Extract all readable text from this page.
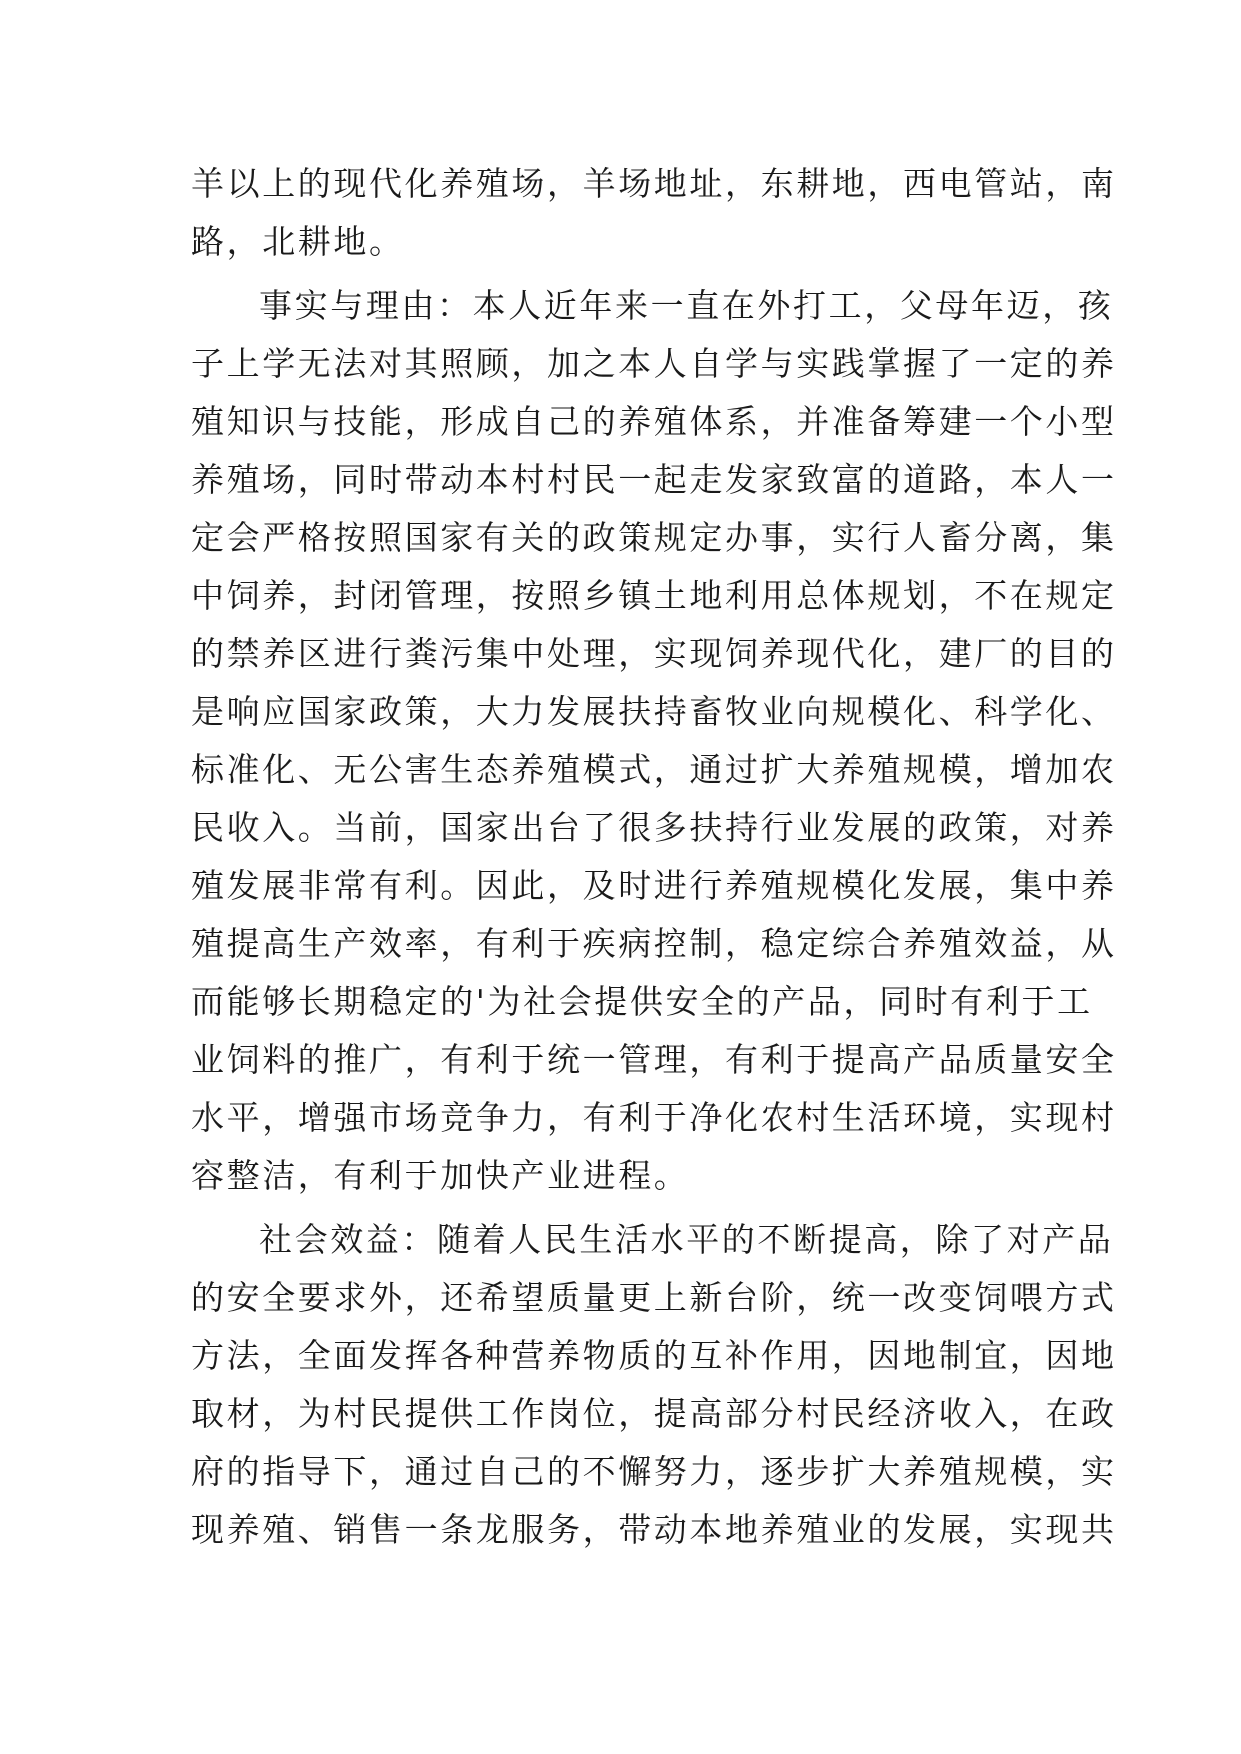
羊以上的现代化养殖场，羊场地址，东耕地，西电管站，南
路，北耕地。
事实与理由：本人近年来一直在外打工，父母年迈，孩
子上学无法对其照顾，加之本人自学与实践掌握了一定的养
殖知识与技能，形成自己的养殖体系，并准备筹建一个小型
养殖场，同时带动本村村民一起走发家致富的道路，本人一
定会严格按照国家有关的政策规定办事，实行人畜分离，集
中饲养，封闭管理，按照乡镇土地利用总体规划，不在规定
的禁养区进行粪污集中处理，实现饲养现代化，建厂的目的
是响应国家政策，大力发展扶持畜牧业向规模化、科学化、
标准化、无公害生态养殖模式，通过扩大养殖规模，增加农
民收入。当前，国家出台了很多扶持行业发展的政策，对养
殖发展非常有利。因此，及时进行养殖规模化发展，集中养
殖提高生产效率，有利于疾病控制，稳定综合养殖效益，从
而能够长期稳定的'为社会提供安全的产品，同时有利于工
业饲料的推广，有利于统一管理，有利于提高产品质量安全
水平，增强市场竞争力，有利于净化农村生活环境，实现村
容整洁，有利于加快产业进程。
社会效益：随着人民生活水平的不断提高，除了对产品
的安全要求外，还希望质量更上新台阶，统一改变饲喂方式
方法，全面发挥各种营养物质的互补作用，因地制宜，因地
取材，为村民提供工作岗位，提高部分村民经济收入，在政
府的指导下，通过自己的不懈努力，逐步扩大养殖规模，实
现养殖、销售一条龙服务，带动本地养殖业的发展，实现共
